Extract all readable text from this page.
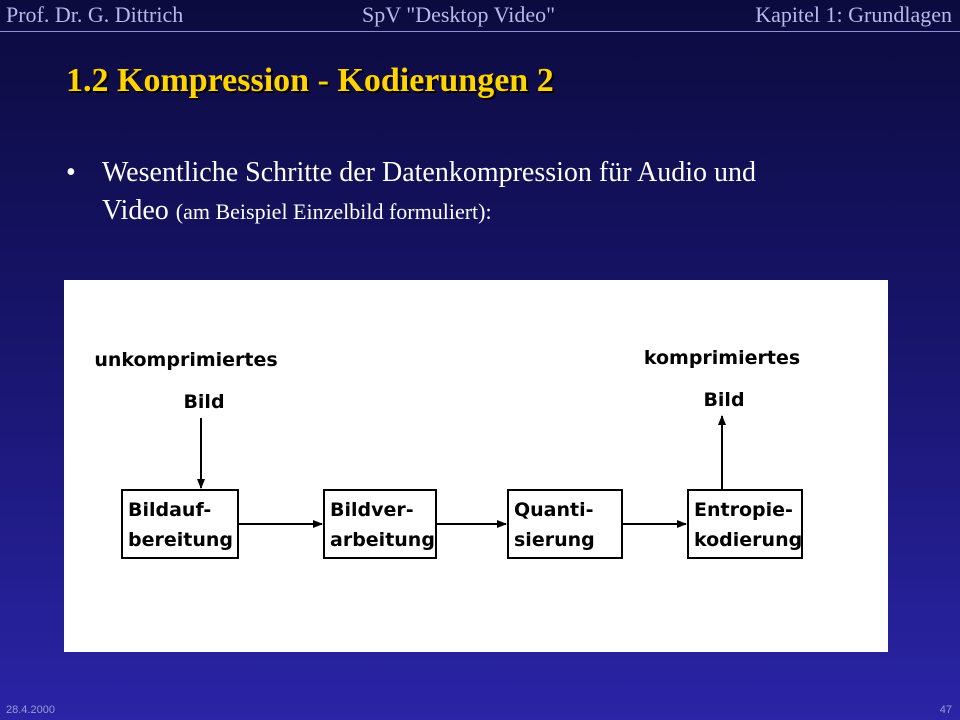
Prof. Dr. G. Dittrich	SpV "Desktop Video"	Kapitel 1: Grundlagen
1.2 Kompression - Kodierungen 2
• Wesentliche Schritte der Datenkompression für Audio und Video (am Beispiel Einzelbild formuliert):
unkomprimiertes
Bild
komprimiertes
Bild
Bildauf-
bereitung
Bildver-
arbeitung
Quanti-
sierung
Entropie-
kodierung
28.4.2000	47
